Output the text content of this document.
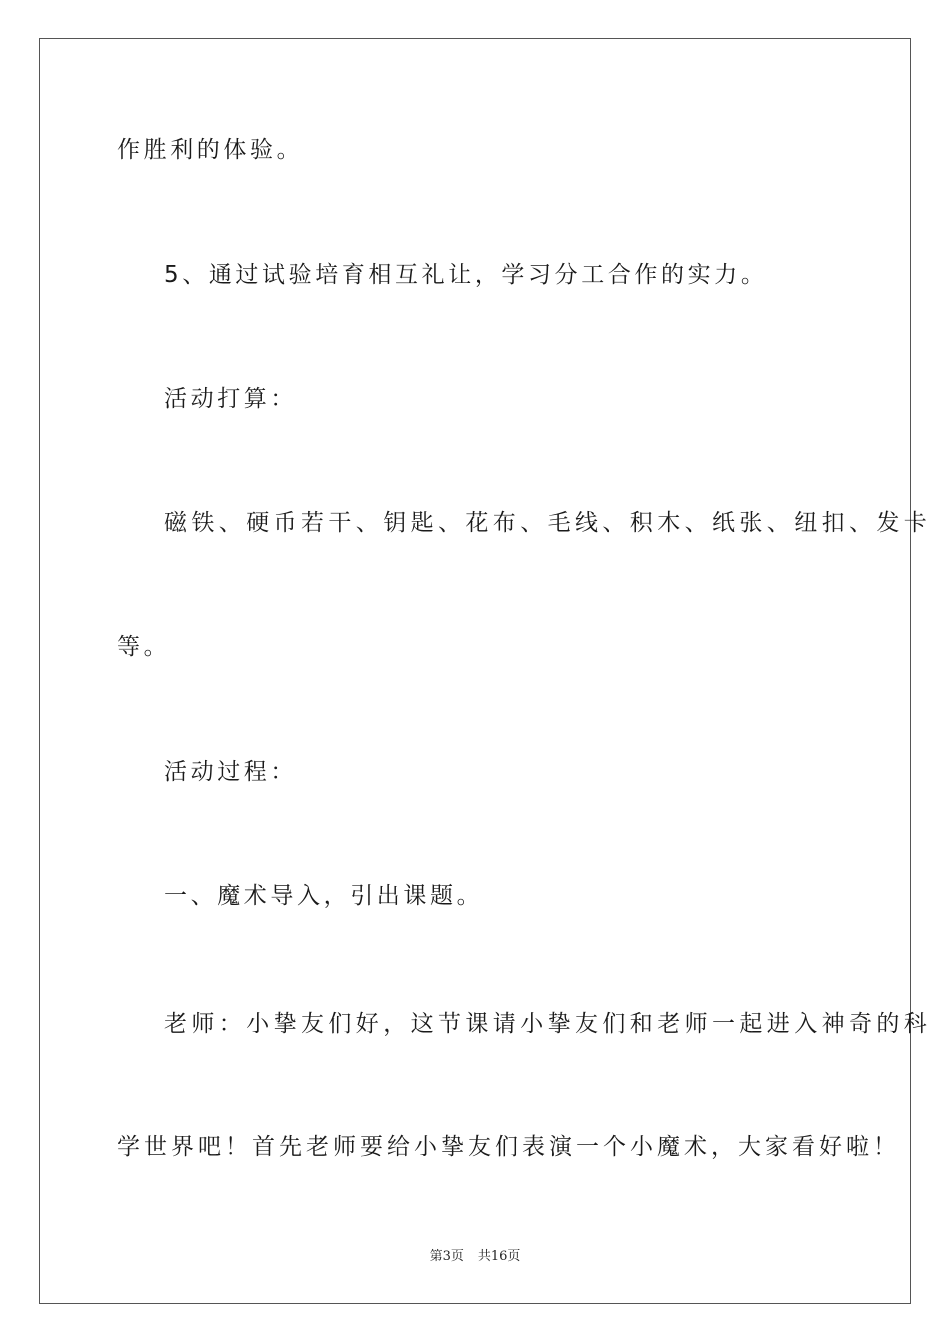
作胜利的体验。
5、通过试验培育相互礼让，学习分工合作的实力。
活动打算：
磁铁、硬币若干、钥匙、花布、毛线、积木、纸张、纽扣、发卡
等。
活动过程：
一、魔术导入，引出课题。
老师：小挚友们好，这节课请小挚友们和老师一起进入神奇的科
学世界吧！首先老师要给小挚友们表演一个小魔术，大家看好啦！
第3页 共16页
